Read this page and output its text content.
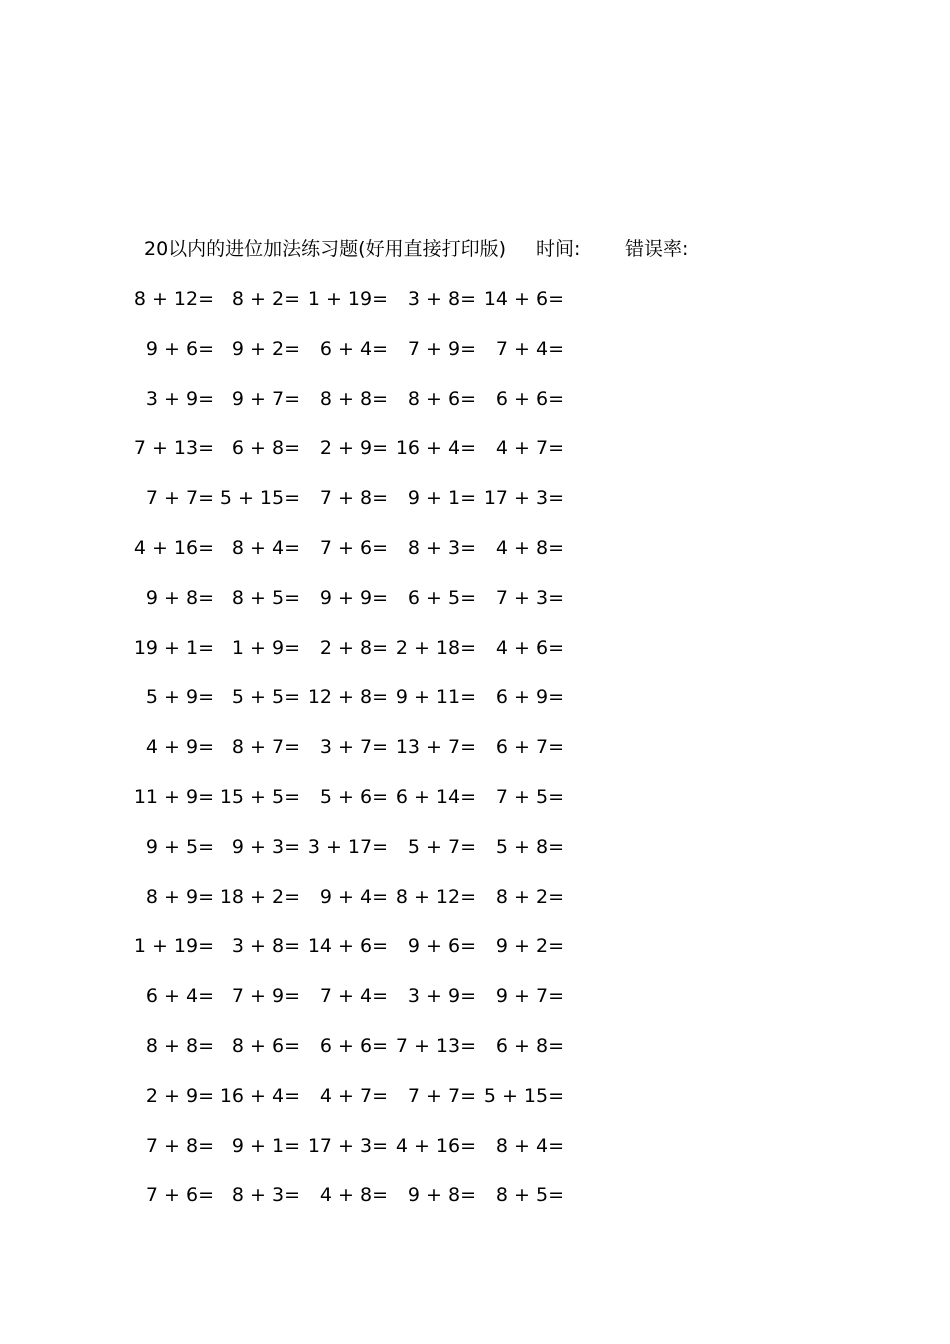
20以内的进位加法练习题(好用直接打印版) 时间: 错误率:
8 + 12= 8 + 2= 1 + 19=	3 + 8= 14 + 6=
9 + 6= 9 + 2=	6 + 4=	7 + 9=	7 + 4=
3 + 9= 9 + 7=	8 + 8=	8 + 6=	6 + 6=
7 + 13= 6 + 8=	2 + 9= 16 + 4=	4 + 7=
7 + 7= 5 + 15=	7 + 8=	9 + 1= 17 + 3=
4 + 16= 8 + 4=	7 + 6=	8 + 3=	4 + 8=
9 + 8= 8 + 5=	9 + 9=	6 + 5=	7 + 3=
19 + 1= 1 + 9=	2 + 8= 2 + 18=	4 + 6=
5 + 9= 5 + 5= 12 + 8= 9 + 11=	6 + 9=
4 + 9= 8 + 7=	3 + 7= 13 + 7=	6 + 7=
11 + 9= 15 + 5=	5 + 6= 6 + 14=	7 + 5=
9 + 5= 9 + 3= 3 + 17=	5 + 7=	5 + 8=
8 + 9= 18 + 2=	9 + 4= 8 + 12=	8 + 2=
1 + 19= 3 + 8= 14 + 6=	9 + 6=	9 + 2=
6 + 4= 7 + 9=	7 + 4=	3 + 9=	9 + 7=
8 + 8= 8 + 6=	6 + 6= 7 + 13=	6 + 8=
2 + 9= 16 + 4=	4 + 7=	7 + 7= 5 + 15=
7 + 8= 9 + 1= 17 + 3= 4 + 16=	8 + 4=
7 + 6= 8 + 3=	4 + 8=	9 + 8=	8 + 5=
